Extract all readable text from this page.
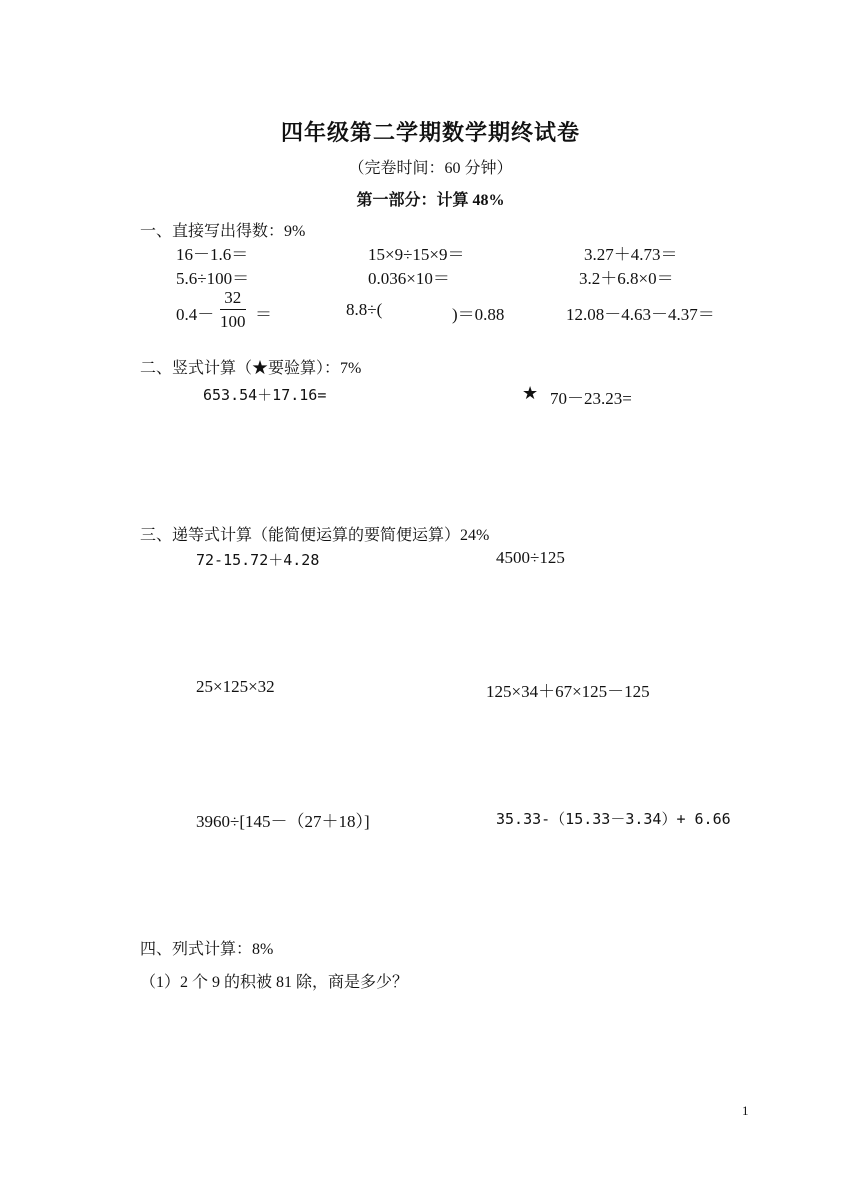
四年级第二学期数学期终试卷
（完卷时间：60 分钟）
第一部分：计算 48%
一、直接写出得数：9%
16－1.6＝	15×9÷15×9＝	3.27＋4.73＝
5.6÷100＝	0.036×10＝	3.2＋6.8×0＝
$0.4- \frac{32}{100}$ ＝	8.8÷(	)＝0.88	12.08－4.63－4.37＝
二、竖式计算（★要验算）：7%
653.54＋17.16=	★ 70－23.23=
三、递等式计算（能简便运算的要简便运算）24%
72-15.72＋4.28	4500÷125
25×125×32	125×34＋67×125－125
3960÷[145－（27＋18）]	35.33-（15.33－3.34）+ 6.66
四、列式计算：8%
（1）2 个 9 的积被 81 除，商是多少？
1
